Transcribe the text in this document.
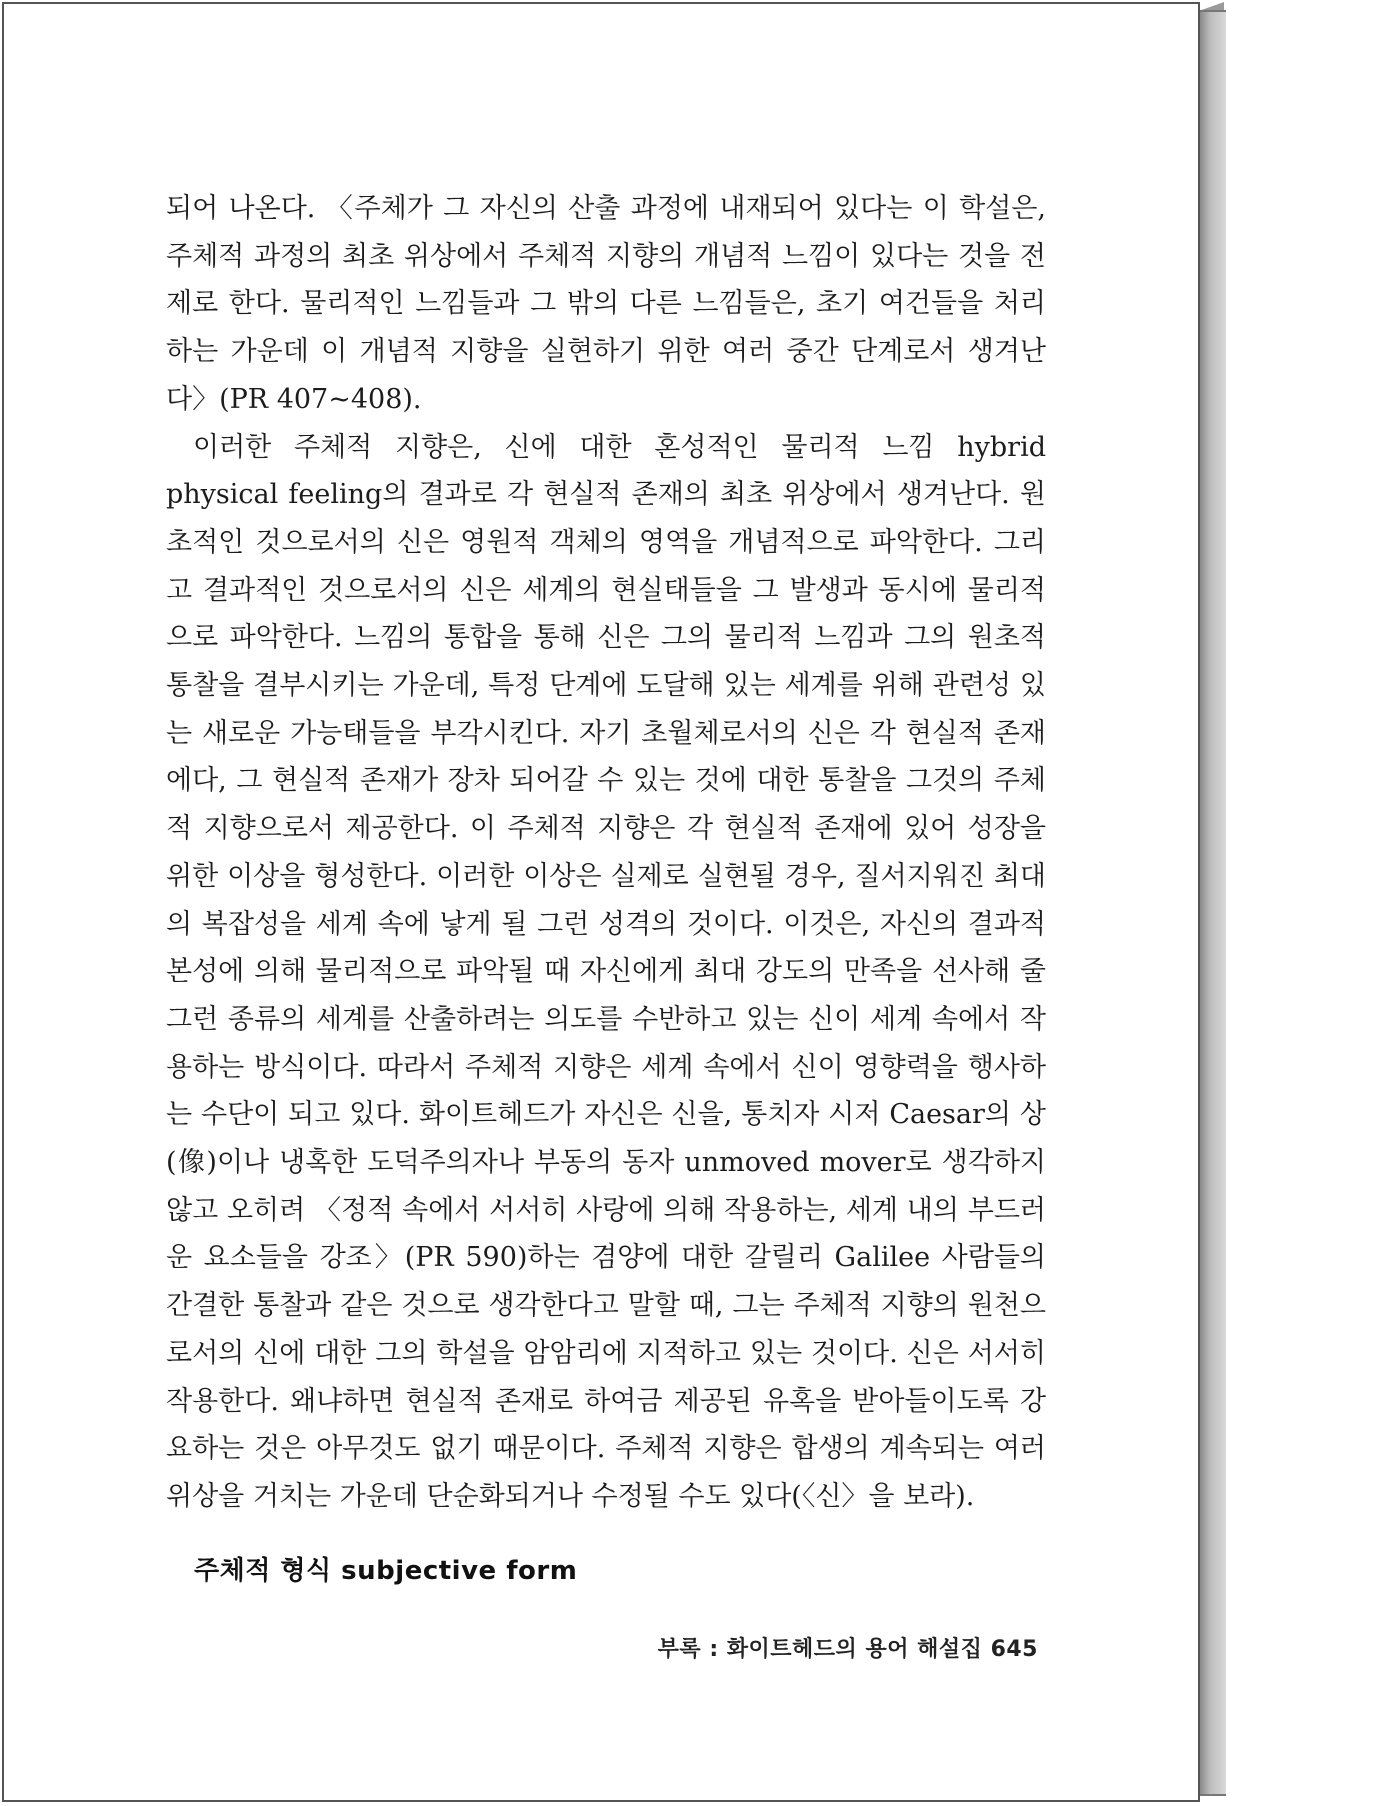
되어 나온다. 〈주체가 그 자신의 산출 과정에 내재되어 있다는 이 학설은, 주체적 과정의 최초 위상에서 주체적 지향의 개념적 느낌이 있다는 것을 전제로 한다. 물리적인 느낌들과 그 밖의 다른 느낌들은, 초기 여건들을 처리하는 가운데 이 개념적 지향을 실현하기 위한 여러 중간 단계로서 생겨난다〉(PR 407~408).

이러한 주체적 지향은, 신에 대한 혼성적인 물리적 느낌 hybrid physical feeling의 결과로 각 현실적 존재의 최초 위상에서 생겨난다. 원초적인 것으로서의 신은 영원적 객체의 영역을 개념적으로 파악한다. 그리고 결과적인 것으로서의 신은 세계의 현실태들을 그 발생과 동시에 물리적으로 파악한다. 느낌의 통합을 통해 신은 그의 물리적 느낌과 그의 원초적 통찰을 결부시키는 가운데, 특정 단계에 도달해 있는 세계를 위해 관련성 있는 새로운 가능태들을 부각시킨다. 자기 초월체로서의 신은 각 현실적 존재에다, 그 현실적 존재가 장차 되어갈 수 있는 것에 대한 통찰을 그것의 주체적 지향으로서 제공한다. 이 주체적 지향은 각 현실적 존재에 있어 성장을 위한 이상을 형성한다. 이러한 이상은 실제로 실현될 경우, 질서지워진 최대의 복잡성을 세계 속에 낳게 될 그런 성격의 것이다. 이것은, 자신의 결과적 본성에 의해 물리적으로 파악될 때 자신에게 최대 강도의 만족을 선사해 줄 그런 종류의 세계를 산출하려는 의도를 수반하고 있는 신이 세계 속에서 작용하는 방식이다. 따라서 주체적 지향은 세계 속에서 신이 영향력을 행사하는 수단이 되고 있다. 화이트헤드가 자신은 신을, 통치자 시저 Caesar의 상(像)이나 냉혹한 도덕주의자나 부동의 동자 unmoved mover로 생각하지 않고 오히려 〈정적 속에서 서서히 사랑에 의해 작용하는, 세계 내의 부드러운 요소들을 강조〉(PR 590)하는 겸양에 대한 갈릴리 Galilee 사람들의 간결한 통찰과 같은 것으로 생각한다고 말할 때, 그는 주체적 지향의 원천으로서의 신에 대한 그의 학설을 암암리에 지적하고 있는 것이다. 신은 서서히 작용한다. 왜냐하면 현실적 존재로 하여금 제공된 유혹을 받아들이도록 강요하는 것은 아무것도 없기 때문이다. 주체적 지향은 합생의 계속되는 여러 위상을 거치는 가운데 단순화되거나 수정될 수도 있다(〈신〉을 보라).

주체적 형식 subjective form
부록 : 화이트헤드의 용어 해설집 645
